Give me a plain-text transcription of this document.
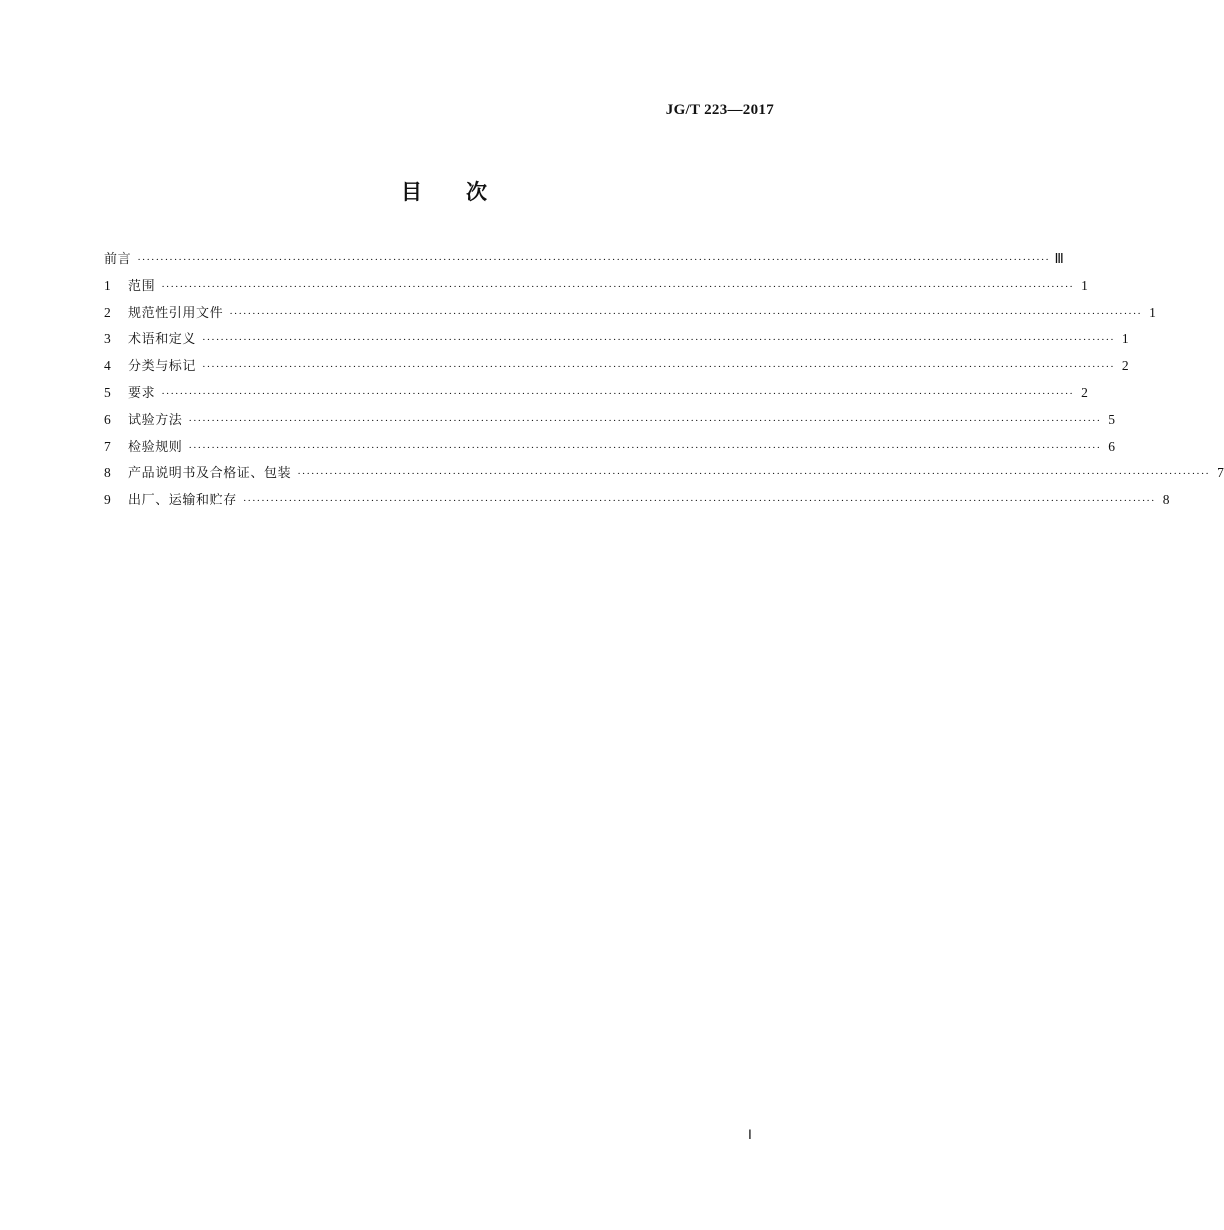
JG/T 223—2017
目次
前言 ········································································································································································································ Ⅲ
1	范围 ········································································································································································································ 1
2	规范性引用文件 ········································································································································································································ 1
3	术语和定义 ········································································································································································································ 1
4	分类与标记 ········································································································································································································ 2
5	要求 ········································································································································································································ 2
6	试验方法 ········································································································································································································ 5
7	检验规则 ········································································································································································································ 6
8	产品说明书及合格证、包装 ········································································································································································································ 7
9	出厂、运输和贮存 ········································································································································································································ 8
Ⅰ
